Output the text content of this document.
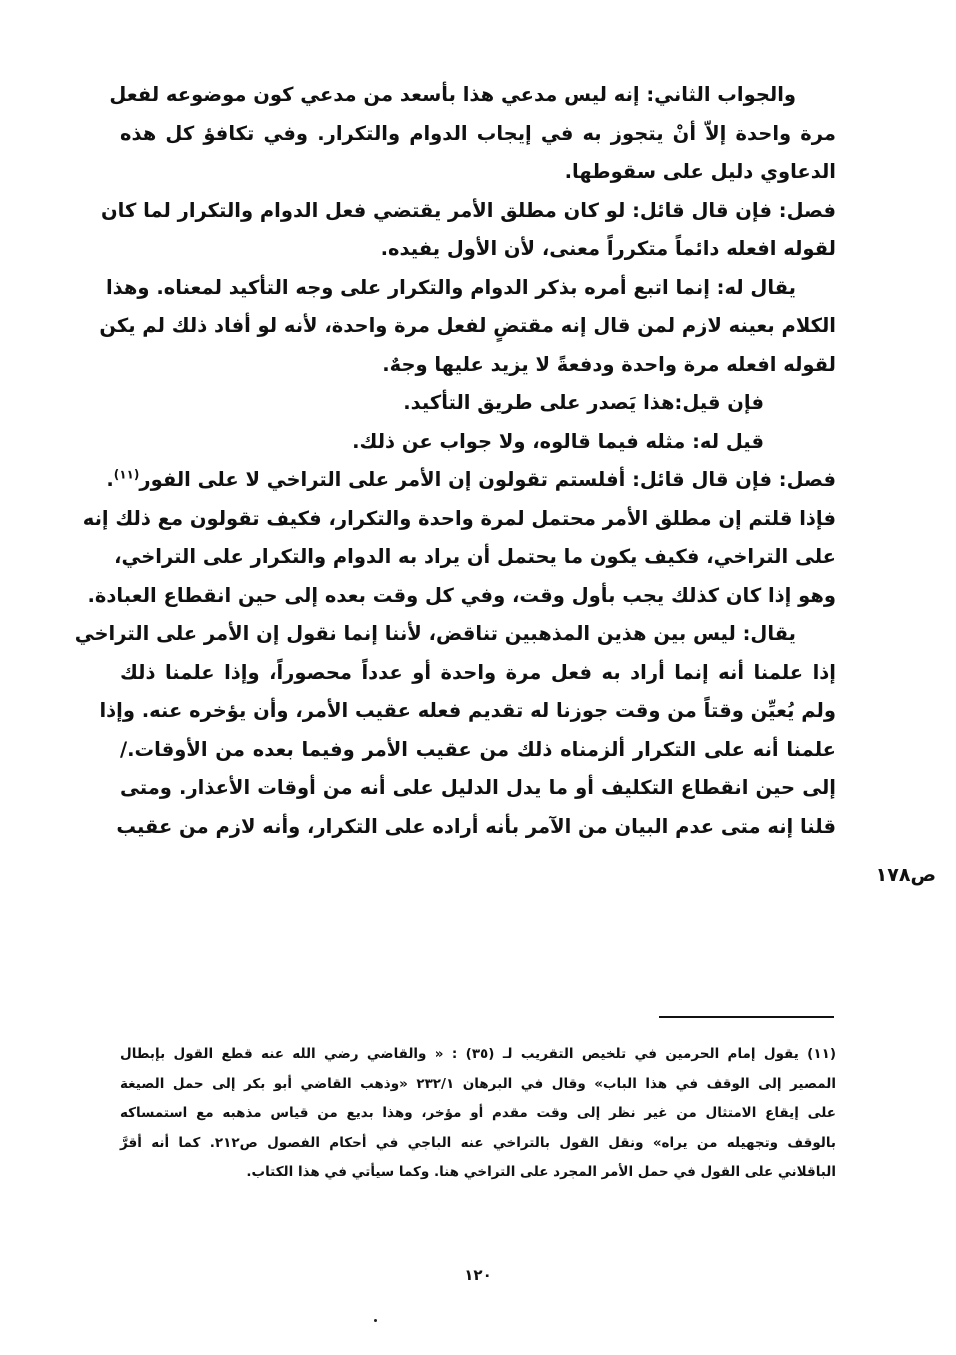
والجواب الثاني: إنه ليس مدعي هذا بأسعد من مدعي كون موضوعه لفعل
مرة واحدة إلاّ أنْ يتجوز به في إيجاب الدوام والتكرار. وفي تكافؤ كل هذه
الدعاوي دليل على سقوطها.
فصل: فإن قال قائل: لو كان مطلق الأمر يقتضي فعل الدوام والتكرار لما كان
لقوله افعله دائماً متكرراً معنى، لأن الأول يفيده.
يقال له: إنما اتبع أمره بذكر الدوام والتكرار على وجه التأكيد لمعناه. وهذا
الكلام بعينه لازم لمن قال إنه مقتضٍ لفعل مرة واحدة، لأنه لو أفاد ذلك لم يكن
لقوله افعله مرة واحدة ودفعةً لا يزيد عليها وجهٌ.
فإن قيل:هذا يَصدر على طريق التأكيد.
قيل له: مثله فيما قالوه، ولا جواب عن ذلك.
فصل: فإن قال قائل: أفلستم تقولون إن الأمر على التراخي لا على الفور$^{(١١)}$.
فإذا قلتم إن مطلق الأمر محتمل لمرة واحدة والتكرار، فكيف تقولون مع ذلك إنه
على التراخي، فكيف يكون ما يحتمل أن يراد به الدوام والتكرار على التراخي،
وهو إذا كان كذلك يجب بأول وقت، وفي كل وقت بعده إلى حين انقطاع العبادة.
يقال: ليس بين هذين المذهبين تناقض، لأننا إنما نقول إن الأمر على التراخي
إذا علمنا أنه إنما أراد به فعل مرة واحدة أو عدداً محصوراً، وإذا علمنا ذلك
ولم يُعيِّن وقتاً من وقت جوزنا له تقديم فعله عقيب الأمر، وأن يؤخره عنه. وإذا
علمنا أنه على التكرار ألزمناه ذلك من عقيب الأمر وفيما بعده من الأوقات./
إلى حين انقطاع التكليف أو ما يدل الدليل على أنه من أوقات الأعذار. ومتى
قلنا إنه متى عدم البيان من الآمر بأنه أراده على التكرار، وأنه لازم من عقيب
ص١٧٨
(١١) يقول إمام الحرمين في تلخيص التقريب لـ (٣٥) : « والقاضي رضي الله عنه قطع القول بإبطال
المصير إلى الوقف في هذا الباب» وقال في البرهان ٢٣٢/١ «وذهب القاضي أبو بكر إلى حمل الصيغة
على إيقاع الامتثال من غير نظر إلى وقت مقدم أو مؤخر، وهذا بديع من قياس مذهبه مع استمساكه
بالوقف وتجهيله من يراه» ونقل القول بالتراخي عنه الباجي في أحكام الفصول ص٢١٢. كما أنه أقرَّ
الباقلاني على القول في حمل الأمر المجرد على التراخي هنا. وكما سيأتي في هذا الكتاب.
١٢٠
